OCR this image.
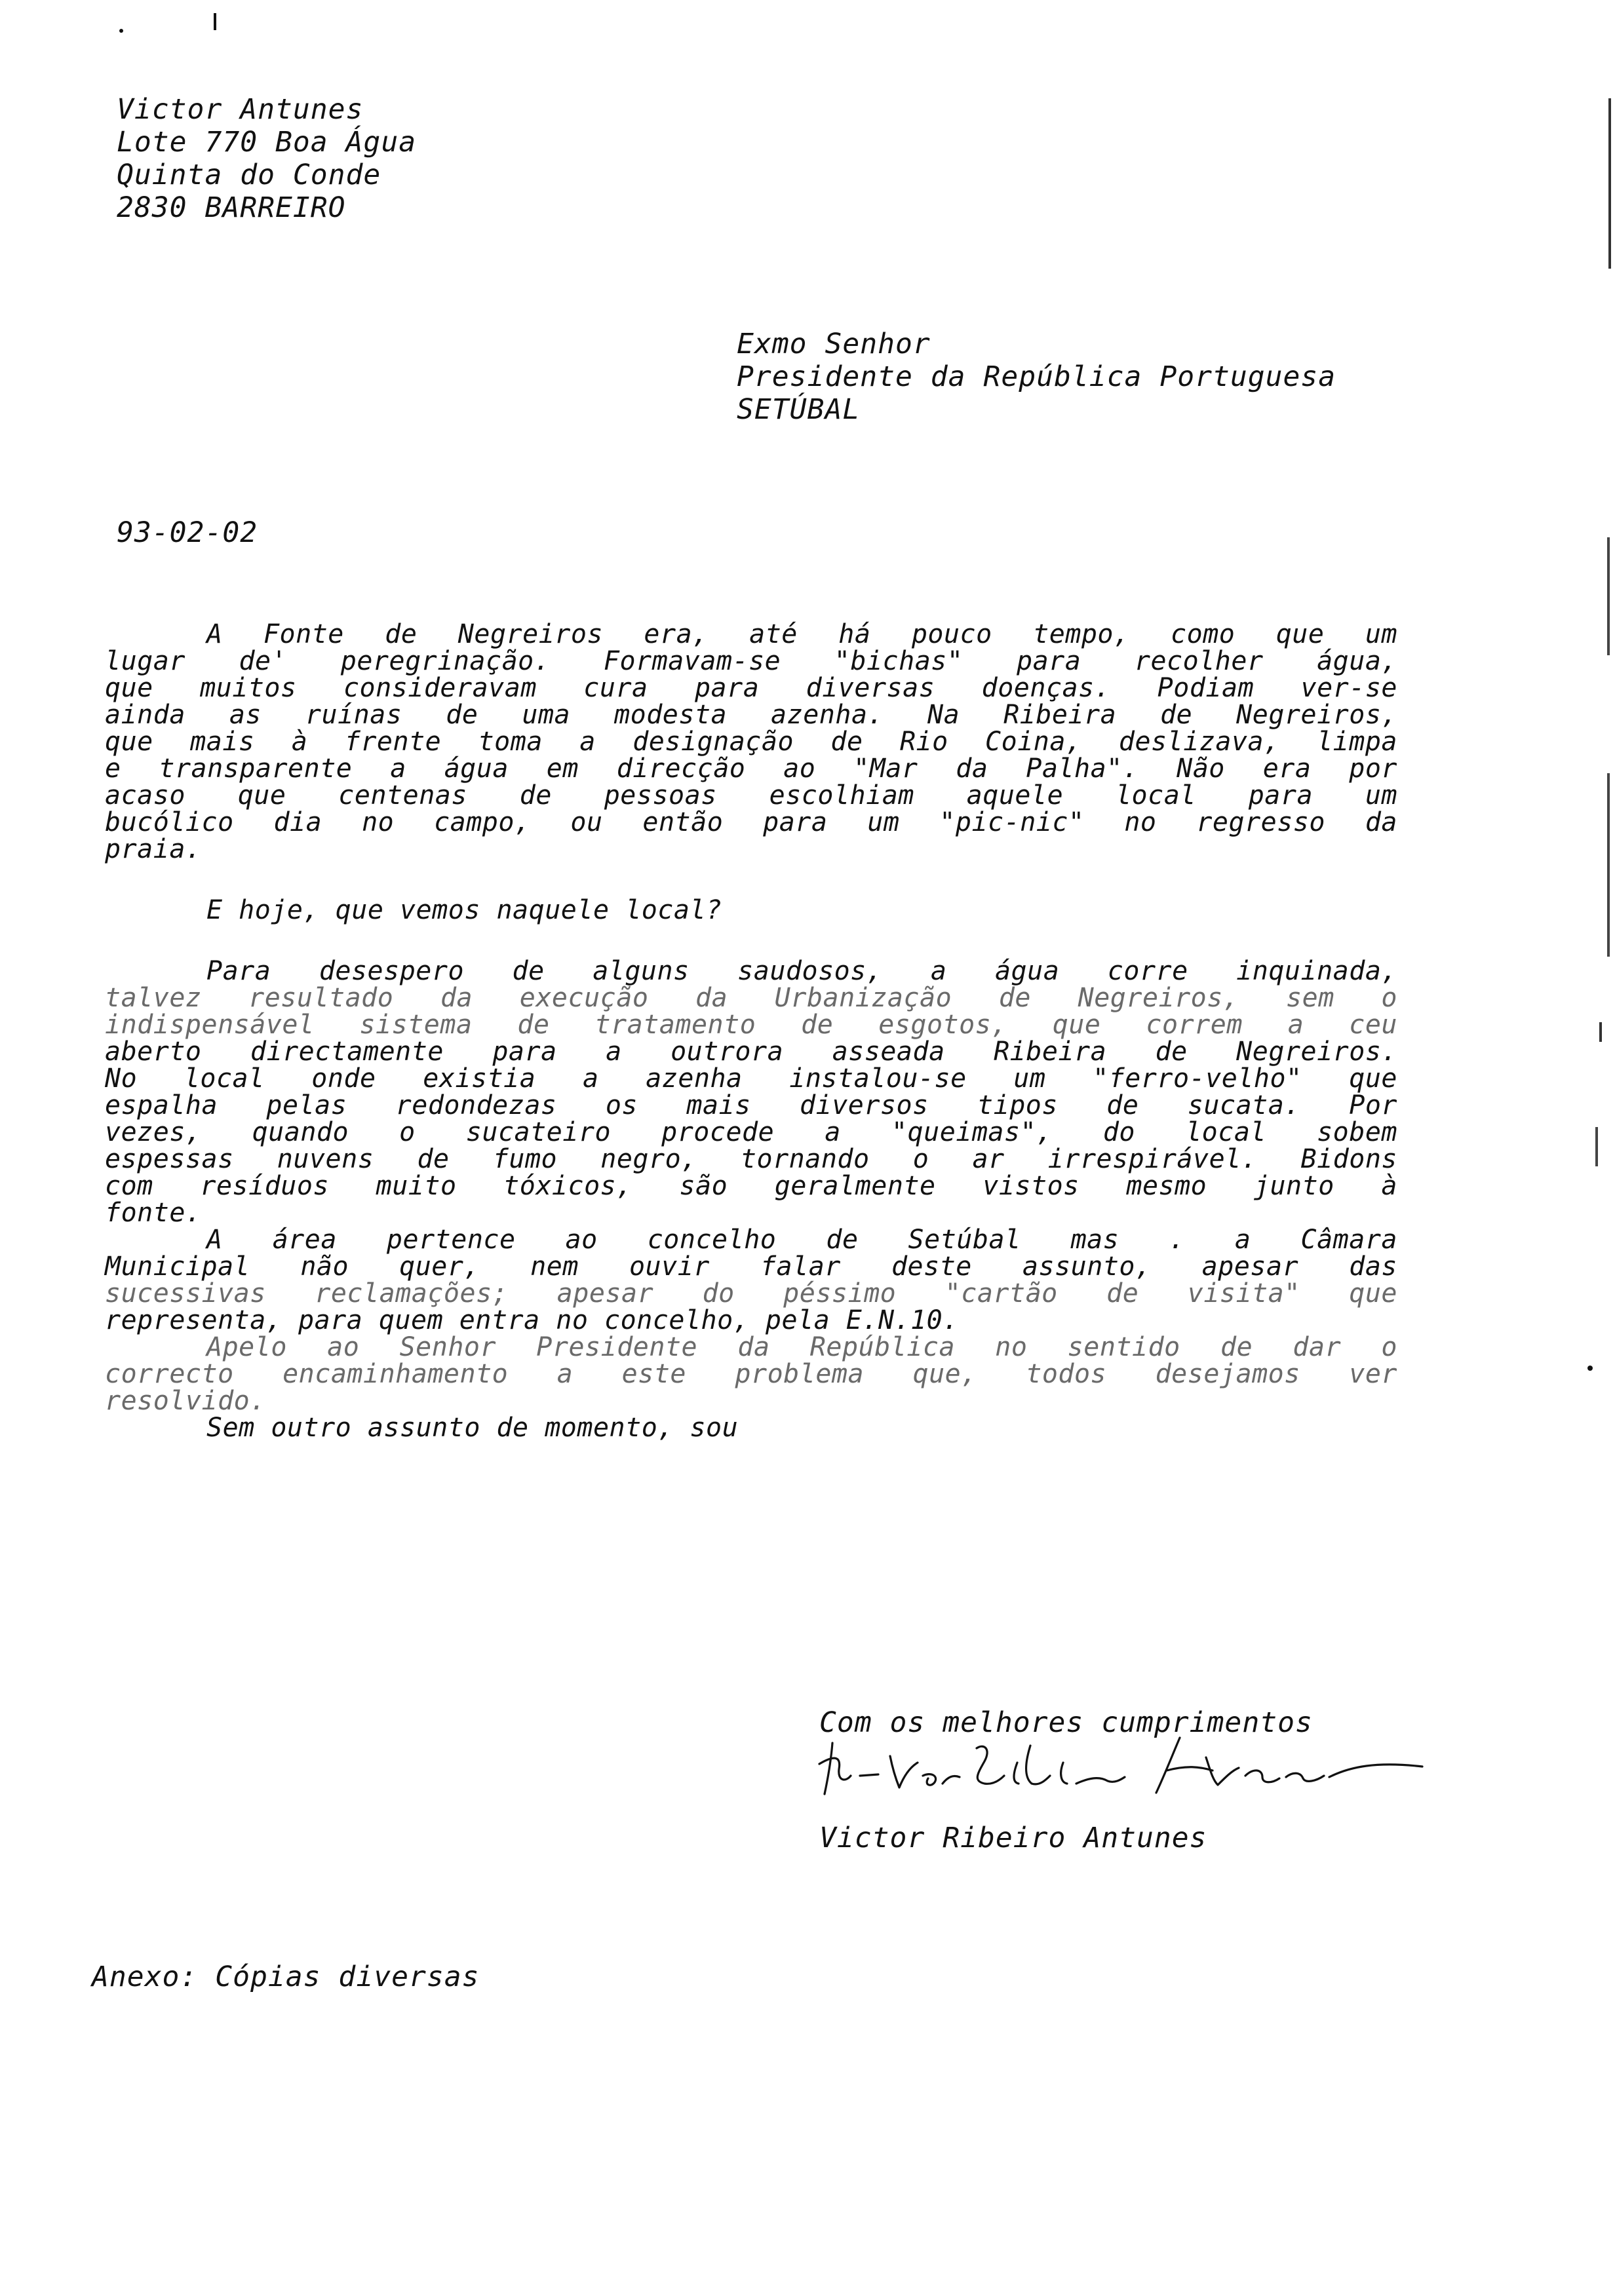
Victor Antunes
Lote 770 Boa Água
Quinta do Conde
2830 BARREIRO
Exmo Senhor
Presidente da República Portuguesa
SETÚBAL
93-02-02
A Fonte de Negreiros era, até há pouco tempo, como que um
lugar de' peregrinação. Formavam-se "bichas" para recolher água,
que muitos consideravam cura para diversas doenças. Podiam ver-se
ainda as ruínas de uma modesta azenha. Na Ribeira de Negreiros,
que mais à frente toma a designação de Rio Coina, deslizava, limpa
e transparente a água em direcção ao "Mar da Palha". Não era por
acaso que centenas de pessoas escolhiam aquele local para um
bucólico dia no campo, ou então para um "pic-nic" no regresso da
praia.
E hoje, que vemos naquele local?
Para desespero de alguns saudosos, a água corre inquinada,
talvez resultado da execução da Urbanização de Negreiros, sem o
indispensável sistema de tratamento de esgotos, que correm a ceu
aberto directamente para a outrora asseada Ribeira de Negreiros.
No local onde existia a azenha instalou-se um "ferro-velho" que
espalha pelas redondezas os mais diversos tipos de sucata. Por
vezes, quando o sucateiro procede a "queimas", do local sobem
espessas nuvens de fumo negro, tornando o ar irrespirável. Bidons
com resíduos muito tóxicos, são geralmente vistos mesmo junto à
fonte.
A área pertence ao concelho de Setúbal mas . a Câmara
Municipal não quer, nem ouvir falar deste assunto, apesar das
sucessivas reclamações; apesar do péssimo "cartão de visita" que
representa, para quem entra no concelho, pela E.N.10.
Apelo ao Senhor Presidente da República no sentido de dar o
correcto encaminhamento a este problema que, todos desejamos ver
resolvido.
Sem outro assunto de momento, sou
Com os melhores cumprimentos
Victor Ribeiro Antunes
Anexo: Cópias diversas
